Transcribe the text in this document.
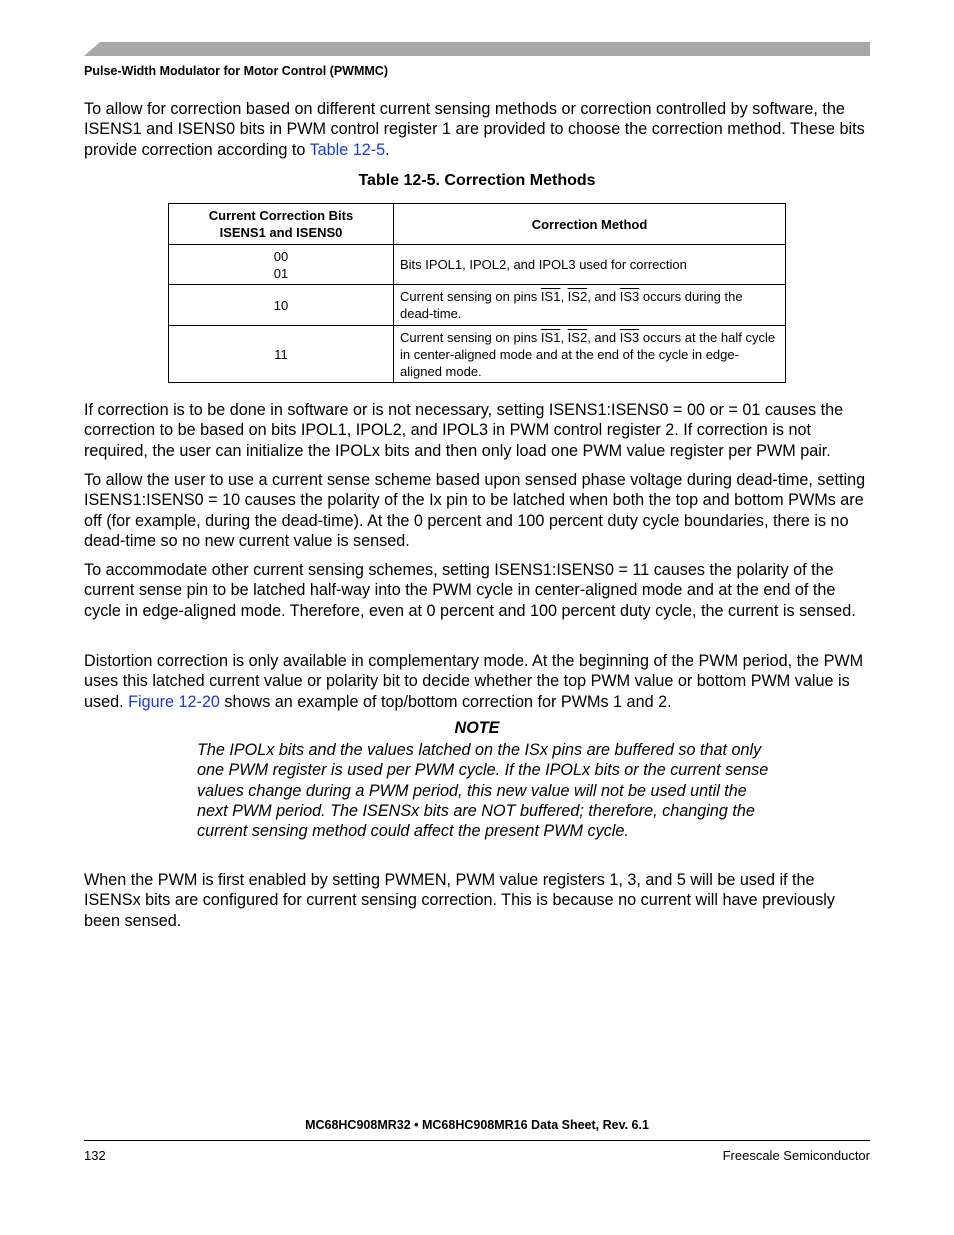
Pulse-Width Modulator for Motor Control (PWMMC)

To allow for correction based on different current sensing methods or correction controlled by software, the ISENS1 and ISENS0 bits in PWM control register 1 are provided to choose the correction method. These bits provide correction according to Table 12-5.

Table 12-5. Correction Methods
Current Correction Bits
ISENS1 and ISENS0	Correction Method
00
01	Bits IPOL1, IPOL2, and IPOL3 used for correction
10	Current sensing on pins IS1, IS2, and IS3 occurs during the dead-time.
11	Current sensing on pins IS1, IS2, and IS3 occurs at the half cycle in center-aligned mode and at the end of the cycle in edge-aligned mode.

If correction is to be done in software or is not necessary, setting ISENS1:ISENS0 = 00 or = 01 causes the correction to be based on bits IPOL1, IPOL2, and IPOL3 in PWM control register 2. If correction is not required, the user can initialize the IPOLx bits and then only load one PWM value register per PWM pair.

To allow the user to use a current sense scheme based upon sensed phase voltage during dead-time, setting ISENS1:ISENS0 = 10 causes the polarity of the Ix pin to be latched when both the top and bottom PWMs are off (for example, during the dead-time). At the 0 percent and 100 percent duty cycle boundaries, there is no dead-time so no new current value is sensed.

To accommodate other current sensing schemes, setting ISENS1:ISENS0 = 11 causes the polarity of the current sense pin to be latched half-way into the PWM cycle in center-aligned mode and at the end of the cycle in edge-aligned mode. Therefore, even at 0 percent and 100 percent duty cycle, the current is sensed.

Distortion correction is only available in complementary mode. At the beginning of the PWM period, the PWM uses this latched current value or polarity bit to decide whether the top PWM value or bottom PWM value is used. Figure 12-20 shows an example of top/bottom correction for PWMs 1 and 2.

NOTE

The IPOLx bits and the values latched on the ISx pins are buffered so that only one PWM register is used per PWM cycle. If the IPOLx bits or the current sense values change during a PWM period, this new value will not be used until the next PWM period. The ISENSx bits are NOT buffered; therefore, changing the current sensing method could affect the present PWM cycle.

When the PWM is first enabled by setting PWMEN, PWM value registers 1, 3, and 5 will be used if the ISENSx bits are configured for current sensing correction. This is because no current will have previously been sensed.

MC68HC908MR32 • MC68HC908MR16 Data Sheet, Rev. 6.1
132	Freescale Semiconductor
